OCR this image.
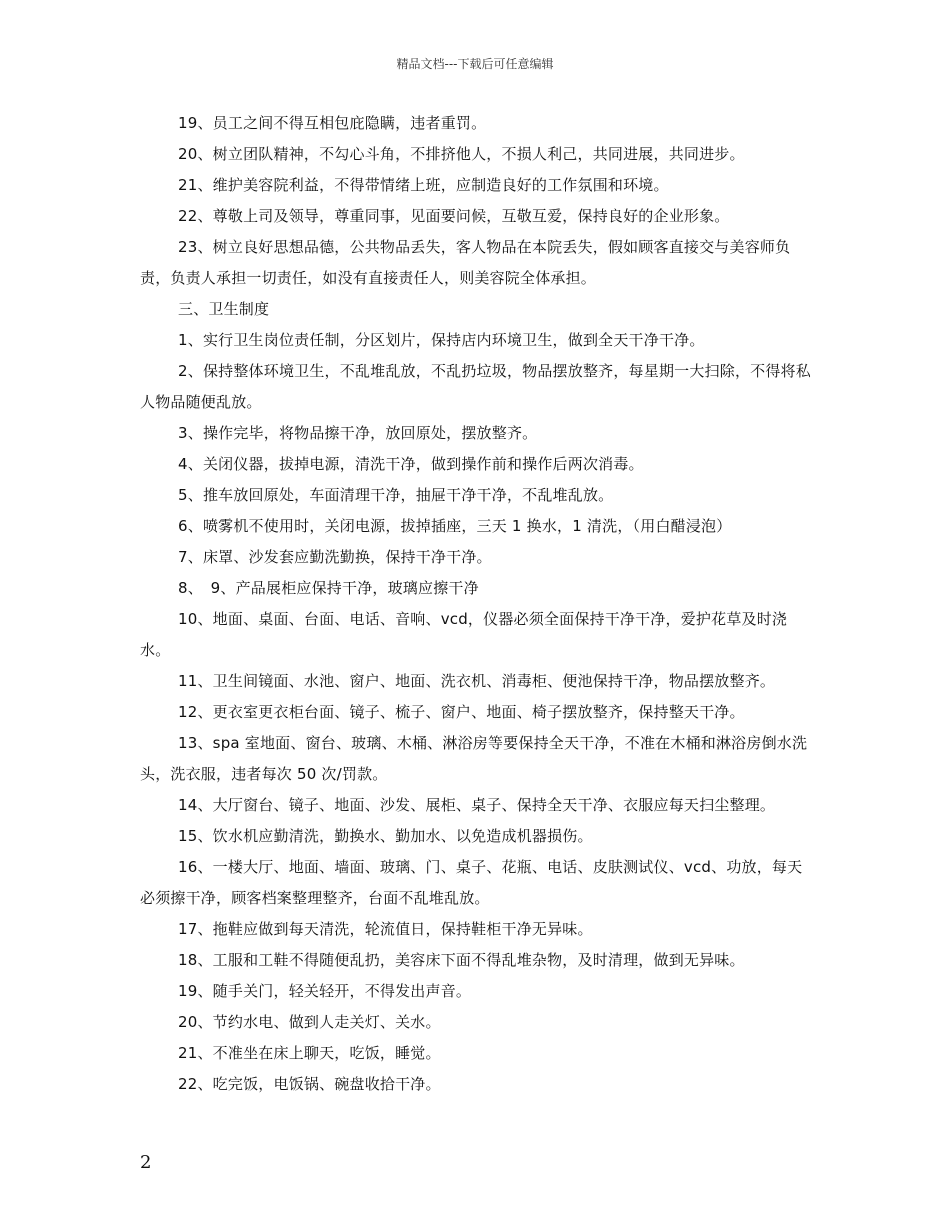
精品文档---下载后可任意编辑

19、员工之间不得互相包庇隐瞒，违者重罚。

20、树立团队精神，不勾心斗角，不排挤他人，不损人利己，共同进展，共同进步。

21、维护美容院利益，不得带情绪上班，应制造良好的工作氛围和环境。

22、尊敬上司及领导，尊重同事，见面要问候，互敬互爱，保持良好的企业形象。

23、树立良好思想品德，公共物品丢失，客人物品在本院丢失，假如顾客直接交与美容师负责，负责人承担一切责任，如没有直接责任人，则美容院全体承担。

三、卫生制度

1、实行卫生岗位责任制，分区划片，保持店内环境卫生，做到全天干净干净。

2、保持整体环境卫生，不乱堆乱放，不乱扔垃圾，物品摆放整齐，每星期一大扫除，不得将私人物品随便乱放。

3、操作完毕，将物品擦干净，放回原处，摆放整齐。

4、关闭仪器，拔掉电源，清洗干净，做到操作前和操作后两次消毒。

5、推车放回原处，车面清理干净，抽屉干净干净，不乱堆乱放。

6、喷雾机不使用时，关闭电源，拔掉插座，三天 1 换水，1 清洗，（用白醋浸泡）

7、床罩、沙发套应勤洗勤换，保持干净干净。

8、　9、产品展柜应保持干净，玻璃应擦干净

10、地面、桌面、台面、电话、音响、vcd，仪器必须全面保持干净干净，爱护花草及时浇水。

11、卫生间镜面、水池、窗户、地面、洗衣机、消毒柜、便池保持干净，物品摆放整齐。

12、更衣室更衣柜台面、镜子、梳子、窗户、地面、椅子摆放整齐，保持整天干净。

13、spa 室地面、窗台、玻璃、木桶、淋浴房等要保持全天干净，不准在木桶和淋浴房倒水洗头，洗衣服，违者每次 50 次/罚款。

14、大厅窗台、镜子、地面、沙发、展柜、桌子、保持全天干净、衣服应每天扫尘整理。

15、饮水机应勤清洗，勤换水、勤加水、以免造成机器损伤。

16、一楼大厅、地面、墙面、玻璃、门、桌子、花瓶、电话、皮肤测试仪、vcd、功放，每天必须擦干净，顾客档案整理整齐，台面不乱堆乱放。

17、拖鞋应做到每天清洗，轮流值日，保持鞋柜干净无异味。

18、工服和工鞋不得随便乱扔，美容床下面不得乱堆杂物，及时清理，做到无异味。

19、随手关门，轻关轻开，不得发出声音。

20、节约水电、做到人走关灯、关水。

21、不准坐在床上聊天，吃饭，睡觉。

22、吃完饭，电饭锅、碗盘收拾干净。

2
